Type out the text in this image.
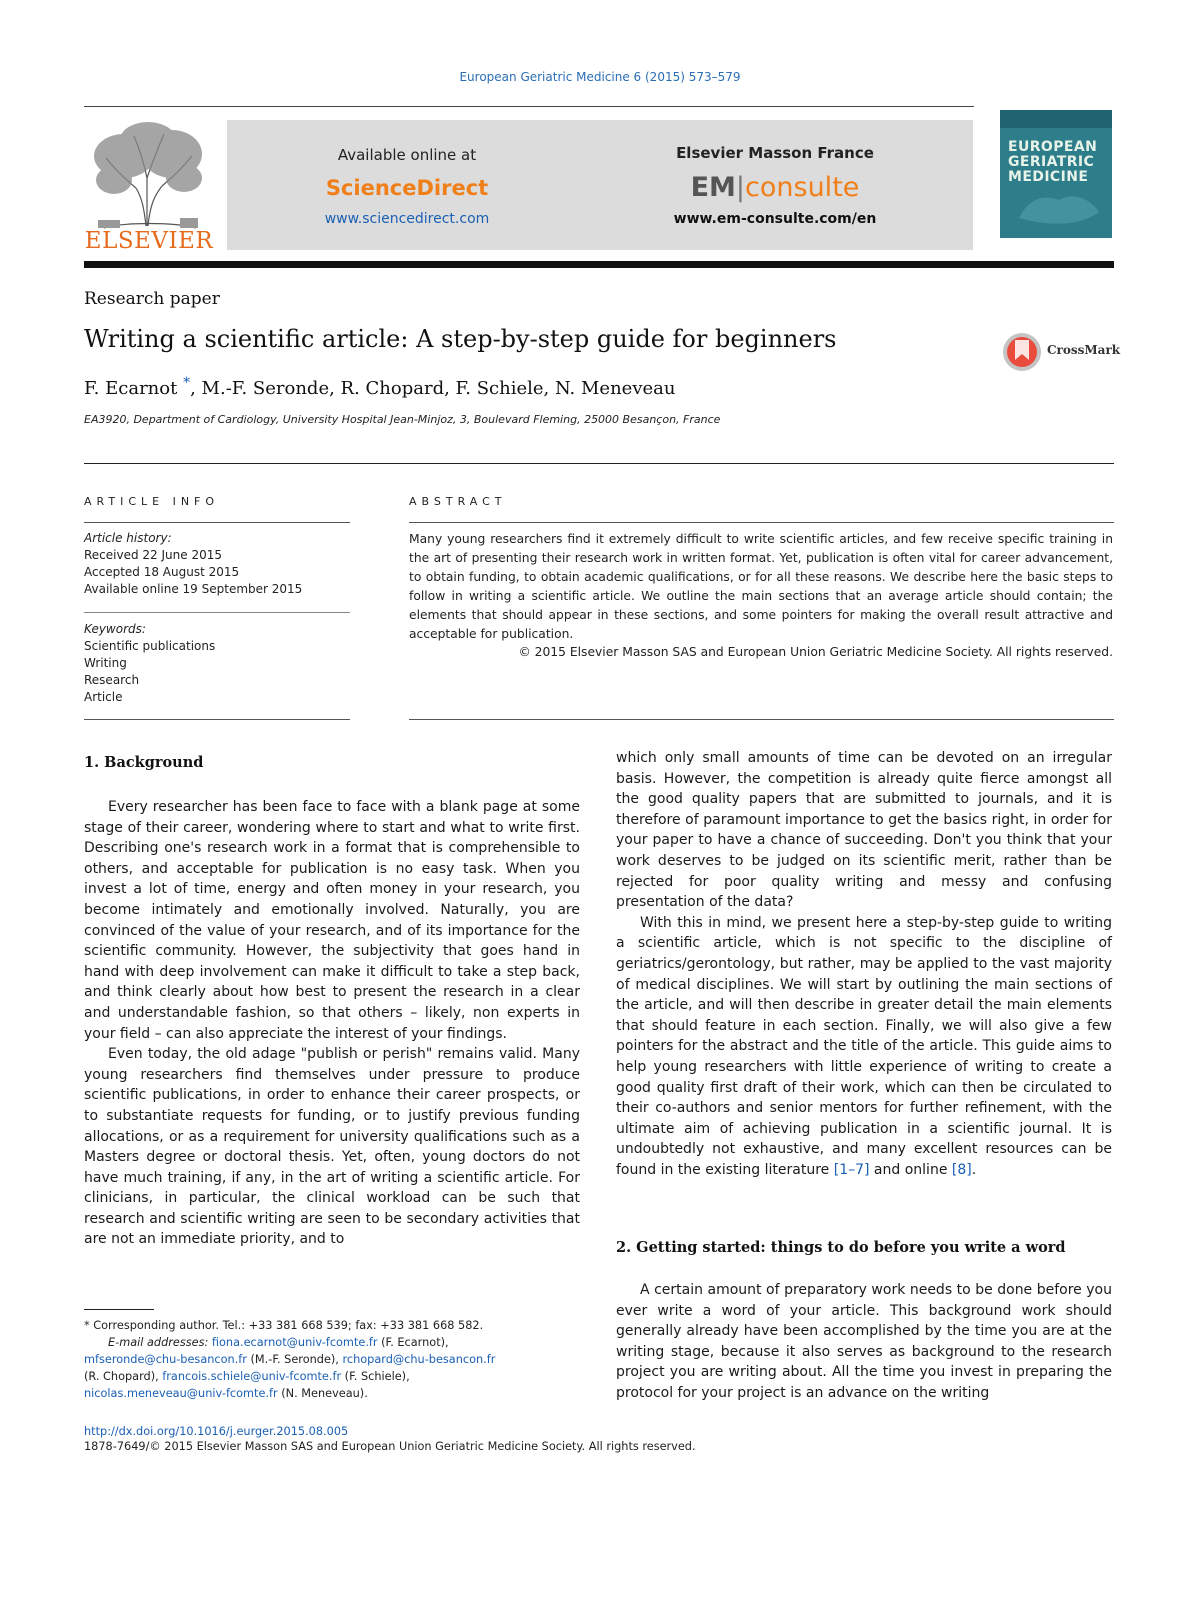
European Geriatric Medicine 6 (2015) 573–579
ELSEVIER
Available online at
ScienceDirect
www.sciencedirect.com
Elsevier Masson France
EM|consulte
www.em-consulte.com/en
EUROPEAN
GERIATRIC
MEDICINE
Research paper
Writing a scientific article: A step-by-step guide for beginners
F. Ecarnot *, M.-F. Seronde, R. Chopard, F. Schiele, N. Meneveau
EA3920, Department of Cardiology, University Hospital Jean-Minjoz, 3, Boulevard Fleming, 25000 Besançon, France
CrossMark
ARTICLE INFO
Article history:
Received 22 June 2015
Accepted 18 August 2015
Available online 19 September 2015
Keywords:
Scientific publications
Writing
Research
Article
ABSTRACT
Many young researchers find it extremely difficult to write scientific articles, and few receive specific training in the art of presenting their research work in written format. Yet, publication is often vital for career advancement, to obtain funding, to obtain academic qualifications, or for all these reasons. We describe here the basic steps to follow in writing a scientific article. We outline the main sections that an average article should contain; the elements that should appear in these sections, and some pointers for making the overall result attractive and acceptable for publication.
© 2015 Elsevier Masson SAS and European Union Geriatric Medicine Society. All rights reserved.
1. Background

Every researcher has been face to face with a blank page at some stage of their career, wondering where to start and what to write first. Describing one's research work in a format that is comprehensible to others, and acceptable for publication is no easy task. When you invest a lot of time, energy and often money in your research, you become intimately and emotionally involved. Naturally, you are convinced of the value of your research, and of its importance for the scientific community. However, the subjectivity that goes hand in hand with deep involvement can make it difficult to take a step back, and think clearly about how best to present the research in a clear and understandable fashion, so that others – likely, non experts in your field – can also appreciate the interest of your findings.

Even today, the old adage "publish or perish" remains valid. Many young researchers find themselves under pressure to produce scientific publications, in order to enhance their career prospects, or to substantiate requests for funding, or to justify previous funding allocations, or as a requirement for university qualifications such as a Masters degree or doctoral thesis. Yet, often, young doctors do not have much training, if any, in the art of writing a scientific article. For clinicians, in particular, the clinical workload can be such that research and scientific writing are seen to be secondary activities that are not an immediate priority, and to

which only small amounts of time can be devoted on an irregular basis. However, the competition is already quite fierce amongst all the good quality papers that are submitted to journals, and it is therefore of paramount importance to get the basics right, in order for your paper to have a chance of succeeding. Don't you think that your work deserves to be judged on its scientific merit, rather than be rejected for poor quality writing and messy and confusing presentation of the data?

With this in mind, we present here a step-by-step guide to writing a scientific article, which is not specific to the discipline of geriatrics/gerontology, but rather, may be applied to the vast majority of medical disciplines. We will start by outlining the main sections of the article, and will then describe in greater detail the main elements that should feature in each section. Finally, we will also give a few pointers for the abstract and the title of the article. This guide aims to help young researchers with little experience of writing to create a good quality first draft of their work, which can then be circulated to their co-authors and senior mentors for further refinement, with the ultimate aim of achieving publication in a scientific journal. It is undoubtedly not exhaustive, and many excellent resources can be found in the existing literature [1–7] and online [8].

2. Getting started: things to do before you write a word

A certain amount of preparatory work needs to be done before you ever write a word of your article. This background work should generally already have been accomplished by the time you are at the writing stage, because it also serves as background to the research project you are writing about. All the time you invest in preparing the protocol for your project is an advance on the writing

* Corresponding author. Tel.: +33 381 668 539; fax: +33 381 668 582.
E-mail addresses: fiona.ecarnot@univ-fcomte.fr (F. Ecarnot),
mfseronde@chu-besancon.fr (M.-F. Seronde), rchopard@chu-besancon.fr
(R. Chopard), francois.schiele@univ-fcomte.fr (F. Schiele),
nicolas.meneveau@univ-fcomte.fr (N. Meneveau).
http://dx.doi.org/10.1016/j.eurger.2015.08.005
1878-7649/© 2015 Elsevier Masson SAS and European Union Geriatric Medicine Society. All rights reserved.
